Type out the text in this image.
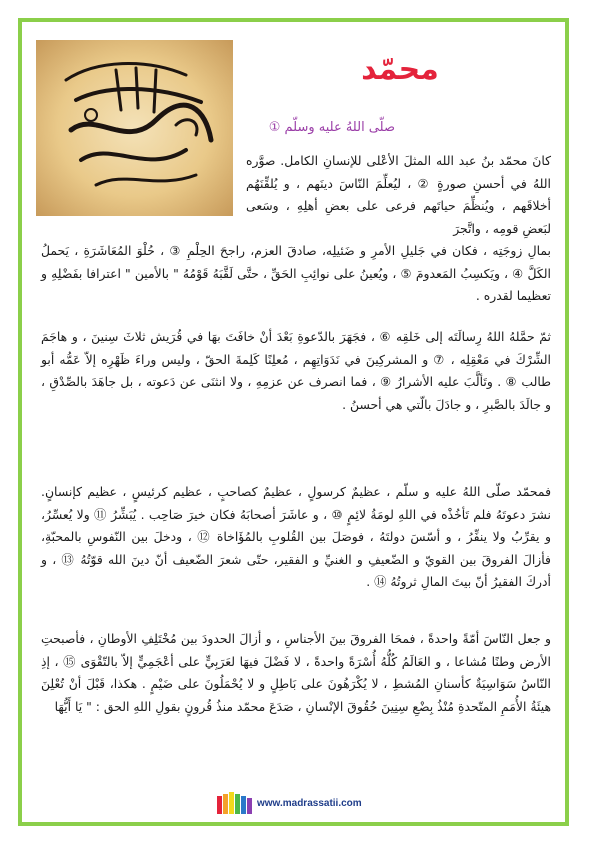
محمّد
صلّى اللهُ عليه وسلّم ①

كانَ محمّد بنُ عبد الله المثلَ الأعْلى للإنسانِ الكامل. صوَّره اللهُ في أحسنِ صورةٍ ② ، ليُعلِّمَ النّاسَ دينَهم ، و يُلقِّنَهُم أخلاقَهم ، ويُنظِّمَ حياتَهم فرعى على بعضِ أهلِهِ ، وسَعى لبَعضِ قومِه ، واتَّجرَ

بمالِ زوجَتِه ، فكان في جَليلِ الأمرِ و ضَئيلِه، صادقَ العزم، راجحَ الحِلْمِ ③ ، حُلْوَ المُعَاشَرَةِ ، يَحملُ الكَلَّ ④ ، ويَكسِبُ المَعدومَ ⑤ ، ويُعينُ على نوائِبِ الحَقِّ ، حتَّى لَقَّبَهُ قَوْمُهُ " بالأمين " اعترافا بفَضْلِهِ و تعظيما لقدره .

ثمّ حمَّلهُ اللهُ رِسالَتَه إلى خَلقِه ⑥ ، فجَهَرَ بالدّعوةِ بَعْدَ أنْ خافَتَ بهَا في قُرَيش ثلاثَ سِنينَ ، و هاجَمَ الشِّرْكَ في مَعْقِلِه ، ⑦ و المشركِينَ في نَدَوَاتِهِم ، مُعلِنًا كَلِمةَ الحقّ ، وليس وراءَ ظَهْرِه إلاّ عَمُّه أبو طالب ⑧ . وتَألَّبَ عليه الأشرارُ ⑨ ، فما انصرف عن عزمِهِ ، ولا انثنَى عن دَعوته ، بل جاهَدَ بالصِّدْقِ ، و جالَدَ بالصَّبرِ ، و جادَلَ بالّتي هي أحسنُ .

فمحمّد صلّى اللهُ عليه و سلّم ، عظيمٌ كرسولٍ ، عظيمٌ كصاحبٍ ، عظيم كرئيسٍ ، عظيم كإنسانٍ. نشرَ دعوتَهُ فلم تَأخُذْه في اللهِ لومَةُ لائِمٍ ⑩ ، و عاشَرَ أصحابَهُ فكان خيرَ صَاحِب . يُبَشِّرُ ⑪ ولا يُعسِّرُ، و يقرِّبُ ولا ينفِّرُ ، و أسّسَ دولتَهُ ، فوصَلَ بين القُلوبِ بالمُؤَاخاة ⑫ ، ودخلَ بين النّفوسِ بالمحبّةِ، فأزالَ الفروقَ بين القويّ و الضّعيفِ و الغنيِّ و الفقير، حتّى شعرَ الضّعيف أنّ دينَ الله قوّتُهُ ⑬ ، و أدركَ الفقيرُ أنّ بيتَ المالِ ثروتُهُ ⑭ .

و جعل النّاسَ أمّةً واحدةً ، فمحَا الفروقَ بينَ الأجناسِ ، و أزالَ الحدودَ بين مُخْتَلِفِ الأوطانِ ، فأصبحتِ الأرض وطنًا مُشاعا ، و العَالَمُ كُلُّهُ أُسْرَةً واحدةً ، لا فَضْلَ فيهَا لعَرَبِيٍّ على أعْجَمِيٍّ إلاّ بالتّقْوَى ⑮ ، إذِ النّاسُ سَوَاسِيَةٌ كأسنانِ المُشطِ ، لا يُكْرَهُونَ على بَاطِلٍ و لا يُحْمَلُونَ على ضَيْمٍ . هكذا، قَبْلَ أنْ تُعْلِنَ هيئَةُ الأُمَمِ المتّحدةِ مُنْذُ بِضْعِ سِنِينَ حُقُوقَ الإنْسانِ ، صَدَعَ محمّد منذُ قُرونٍ بقولِ اللهِ الحق : " يَا أَيُّهَا

www.madrassatii.com
